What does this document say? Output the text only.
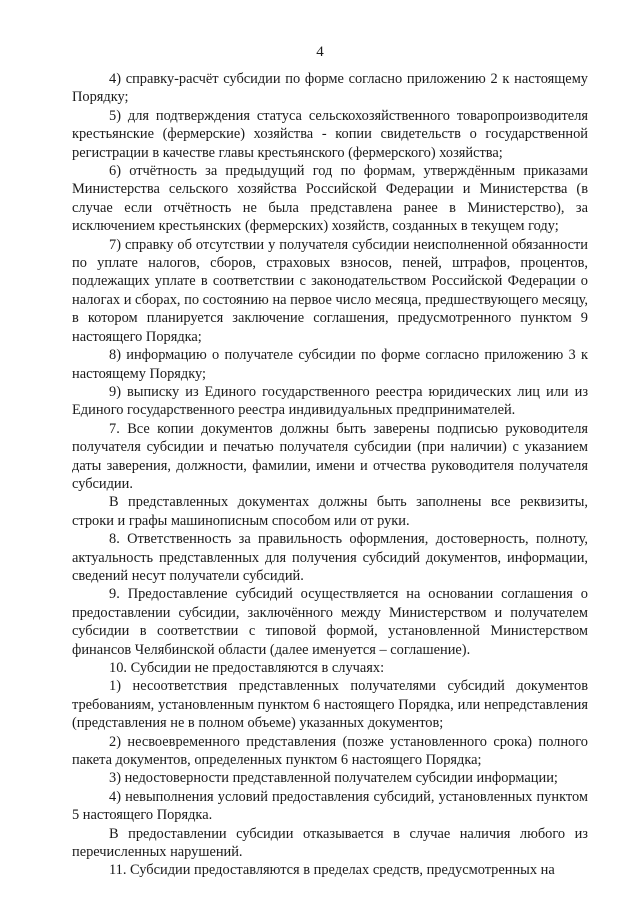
4

4) справку-расчёт субсидии по форме согласно приложению 2 к настоящему Порядку;

5) для подтверждения статуса сельскохозяйственного товаропроизводителя крестьянские (фермерские) хозяйства - копии свидетельств о государственной регистрации в качестве главы крестьянского (фермерского) хозяйства;

6) отчётность за предыдущий год по формам, утверждённым приказами Министерства сельского хозяйства Российской Федерации и Министерства (в случае если отчётность не была представлена ранее в Министерство), за исключением крестьянских (фермерских) хозяйств, созданных в текущем году;

7) справку об отсутствии у получателя субсидии неисполненной обязанности по уплате налогов, сборов, страховых взносов, пеней, штрафов, процентов, подлежащих уплате в соответствии с законодательством Российской Федерации о налогах и сборах, по состоянию на первое число месяца, предшествующего месяцу, в котором планируется заключение соглашения, предусмотренного пунктом 9 настоящего Порядка;

8) информацию о получателе субсидии по форме согласно приложению 3 к настоящему Порядку;

9) выписку из Единого государственного реестра юридических лиц или из Единого государственного реестра индивидуальных предпринимателей.

7. Все копии документов должны быть заверены подписью руководителя получателя субсидии и печатью получателя субсидии (при наличии) с указанием даты заверения, должности, фамилии, имени и отчества руководителя получателя субсидии.

В представленных документах должны быть заполнены все реквизиты, строки и графы машинописным способом или от руки.

8. Ответственность за правильность оформления, достоверность, полноту, актуальность представленных для получения субсидий документов, информации, сведений несут получатели субсидий.

9. Предоставление субсидий осуществляется на основании соглашения о предоставлении субсидии, заключённого между Министерством и получателем субсидии в соответствии с типовой формой, установленной Министерством финансов Челябинской области (далее именуется – соглашение).

10. Субсидии не предоставляются в случаях:

1) несоответствия представленных получателями субсидий документов требованиям, установленным пунктом 6 настоящего Порядка, или непредставления (представления не в полном объеме) указанных документов;

2) несвоевременного представления (позже установленного срока) полного пакета документов, определенных пунктом 6 настоящего Порядка;

3) недостоверности представленной получателем субсидии информации;

4) невыполнения условий предоставления субсидий, установленных пунктом 5 настоящего Порядка.

В предоставлении субсидии отказывается в случае наличия любого из перечисленных нарушений.

11. Субсидии предоставляются в пределах средств, предусмотренных на
